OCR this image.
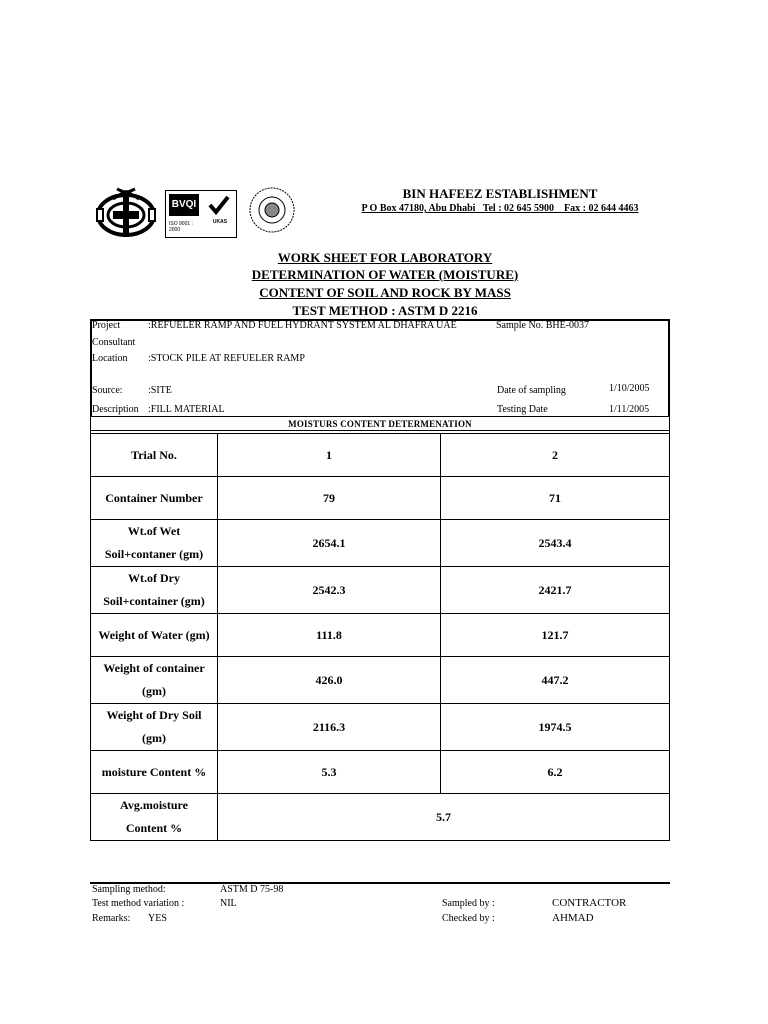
BVQI
ISO 9001 : 2000
UKAS
BIN HAFEEZ ESTABLISHMENT
P O Box 47180, Abu Dhabi   Tel : 02 645 5900    Fax : 02 644 4463
WORK SHEET FOR LABORATORY
DETERMINATION OF WATER (MOISTURE)
CONTENT OF SOIL AND ROCK BY MASS
TEST METHOD : ASTM D 2216
Project	:REFUELER RAMP AND FUEL HYDRANT SYSTEM AL DHAFRA UAE	Sample No. BHE-0037
Consultant
Location :STOCK PILE AT REFUELER RAMP
Source:	:SITE	Date of sampling	1/10/2005
Description :FILL MATERIAL	Testing Date	1/11/2005
MOISTURS CONTENT DETERMENATION		

Trial No.	1	2

Container Number	79	71

Wt.of Wet
Soil+contaner (gm)	2654.1	2543.4

Wt.of Dry
Soil+container (gm)	2542.3	2421.7

Weight of Water (gm)	111.8	121.7

Weight of container
(gm)	426.0	447.2

Weight of Dry Soil
(gm)	2116.3	1974.5

moisture Content %	5.3	6.2

Avg.moisture
Content %	5.7	
Sampling method:	ASTM D 75-98
Test method variation :	NIL	Sampled by :	CONTRACTOR
Remarks: YES	Checked by :	AHMAD
